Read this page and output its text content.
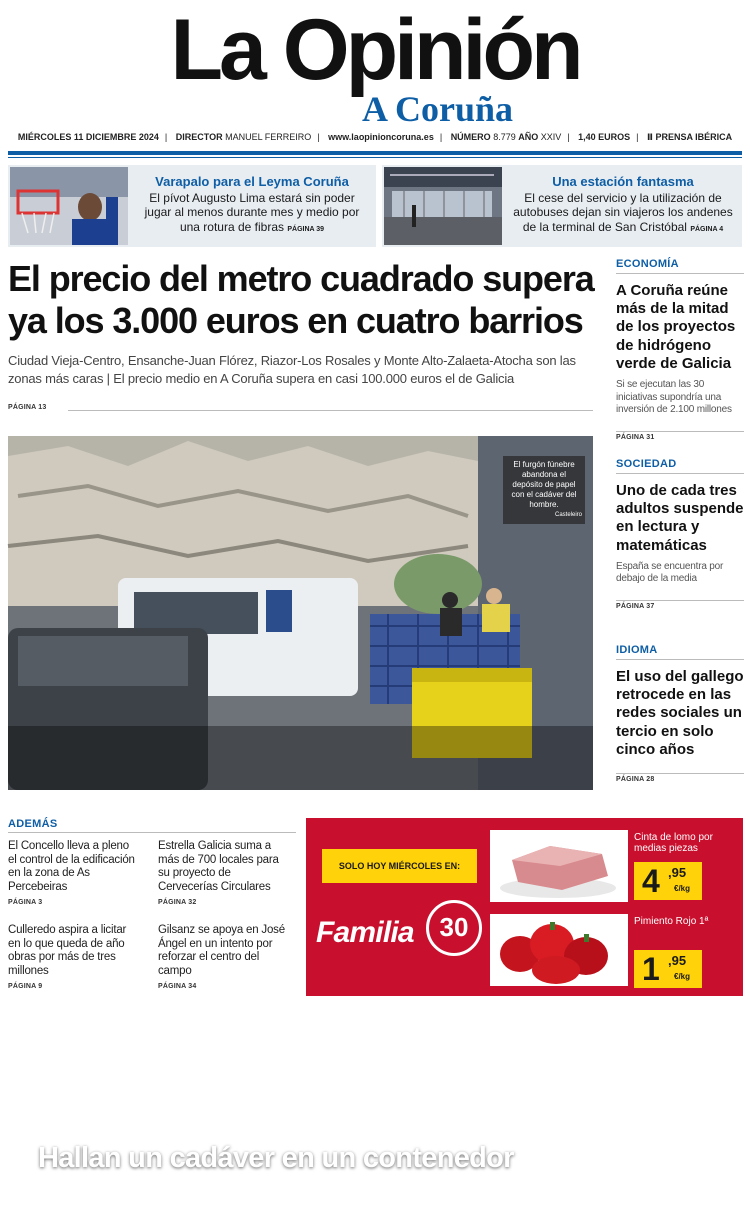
La Opinión
A Coruña
MIÉRCOLES 11 DICIEMBRE 2024 | DIRECTOR MANUEL FERREIRO | www.laopinioncoruna.es | NÚMERO 8.779 AÑO XXIV | 1,40 EUROS | Ⅱ PRENSA IBÉRICA
Varapalo para el Leyma Coruña
El pívot Augusto Lima estará sin poder jugar al menos durante mes y medio por una rotura de fibras PÁGINA 39
Una estación fantasma
El cese del servicio y la utilización de autobuses dejan sin viajeros los andenes de la terminal de San Cristóbal PÁGINA 4
El precio del metro cuadrado supera ya los 3.000 euros en cuatro barrios
Ciudad Vieja-Centro, Ensanche-Juan Flórez, Riazor-Los Rosales y Monte Alto-Zalaeta-Atocha son las zonas más caras | El precio medio en A Coruña supera en casi 100.000 euros el de Galicia
PÁGINA 13
El furgón fúnebre abandona el depósito de papel con el cadáver del hombre.
Casteleiro
Hallan un cadáver en un contenedor
El cuerpo del indigente no presentaba signos de violencia, más allá de los que le provocó el aplastamiento en el camión de recogida de papel en el que acabó el hombre de 41 años PÁGINAS
ECONOMÍA
A Coruña reúne más de la mitad de los proyectos de hidrógeno verde de Galicia
Si se ejecutan las 30 iniciativas supondría una inversión de 2.100 millones
PÁGINA 31
SOCIEDAD
Uno de cada tres adultos suspende en lectura y matemáticas
España se encuentra por debajo de la media
PÁGINA 37
IDIOMA
El uso del gallego retrocede en las redes sociales un tercio en solo cinco años
PÁGINA 28
ADEMÁS
El Concello lleva a pleno el control de la edificación en la zona de As Percebeiras
PÁGINA 3
Estrella Galicia suma a más de 700 locales para su proyecto de Cervecerías Circulares
PÁGINA 32
Culleredo aspira a licitar en lo que queda de año obras por más de tres millones
PÁGINA 9
Gilsanz se apoya en José Ángel en un intento por reforzar el centro del campo
PÁGINA 34
SOLO HOY MIÉRCOLES EN:
Familia 30
Cinta de lomo por medias piezas
4 ,95
€/kg
Pimiento Rojo 1ª
1 ,95
€/kg
